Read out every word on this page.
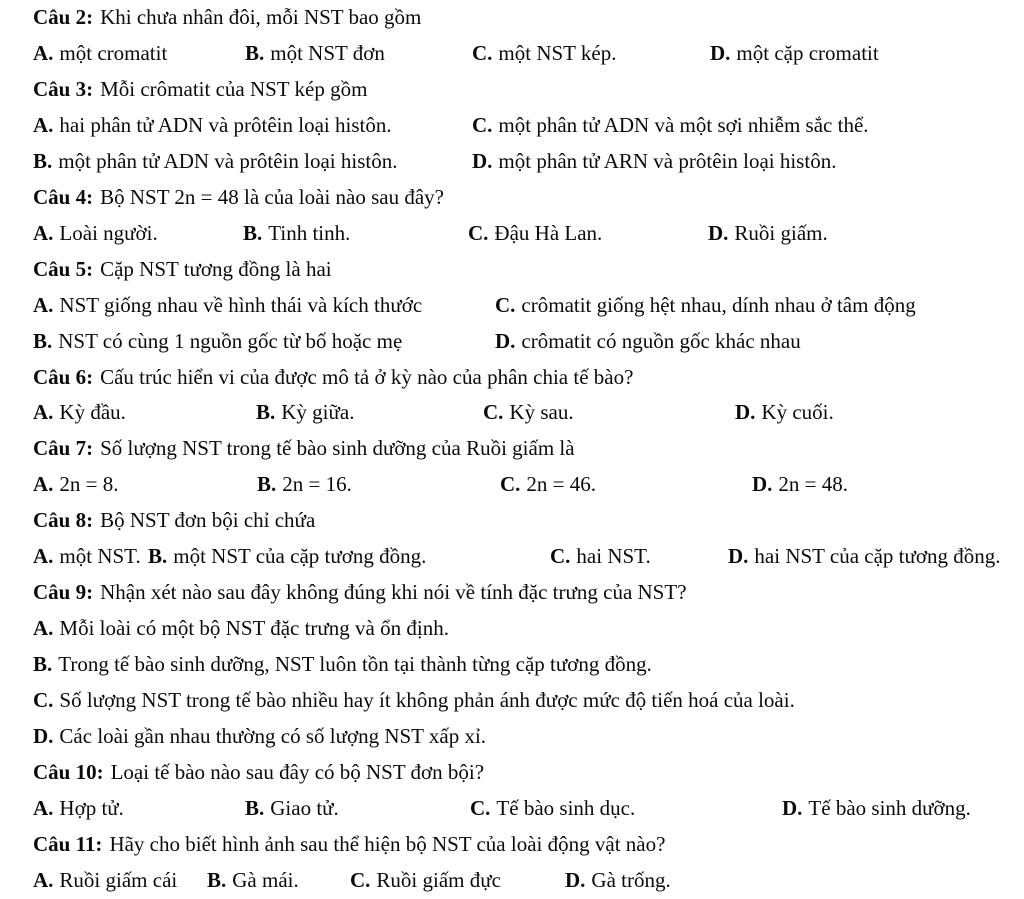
Câu 2: Khi chưa nhân đôi, mỗi NST bao gồm
A. một cromatit	B. một NST đơn	C. một NST kép.	D. một cặp cromatit
Câu 3: Mỗi crômatit của NST kép gồm
A. hai phân tử ADN và prôtêin loại histôn.	C. một phân tử ADN và một sợi nhiễm sắc thể.
B. một phân tử ADN và prôtêin loại histôn.	D. một phân tử ARN và prôtêin loại histôn.
Câu 4: Bộ NST 2n = 48 là của loài nào sau đây?
A. Loài người.	B. Tinh tinh.	C. Đậu Hà Lan.	D. Ruồi giấm.
Câu 5: Cặp NST tương đồng là hai
A. NST giống nhau về hình thái và kích thước	C. crômatit giống hệt nhau, dính nhau ở tâm động
B. NST có cùng 1 nguồn gốc từ bố hoặc mẹ	D. crômatit có nguồn gốc khác nhau
Câu 6: Cấu trúc hiển vi của được mô tả ở kỳ nào của phân chia tế bào?
A. Kỳ đầu.	B. Kỳ giữa.	C. Kỳ sau.	D. Kỳ cuối.
Câu 7: Số lượng NST trong tế bào sinh dưỡng của Ruồi giấm là
A. 2n = 8.	B. 2n = 16.	C. 2n = 46.	D. 2n = 48.
Câu 8: Bộ NST đơn bội chỉ chứa
A. một NST. B. một NST của cặp tương đồng.	C. hai NST.	D. hai NST của cặp tương đồng.
Câu 9: Nhận xét nào sau đây không đúng khi nói về tính đặc trưng của NST?
A. Mỗi loài có một bộ NST đặc trưng và ổn định.
B. Trong tế bào sinh dưỡng, NST luôn tồn tại thành từng cặp tương đồng.
C. Số lượng NST trong tế bào nhiều hay ít không phản ánh được mức độ tiến hoá của loài.
D. Các loài gần nhau thường có số lượng NST xấp xỉ.
Câu 10: Loại tế bào nào sau đây có bộ NST đơn bội?
A. Hợp tử.	B. Giao tử.	C. Tế bào sinh dục.	D. Tế bào sinh dưỡng.
Câu 11: Hãy cho biết hình ảnh sau thể hiện bộ NST của loài động vật nào?
A. Ruồi giấm cái B. Gà mái. C. Ruồi giấm đực	D. Gà trống.
